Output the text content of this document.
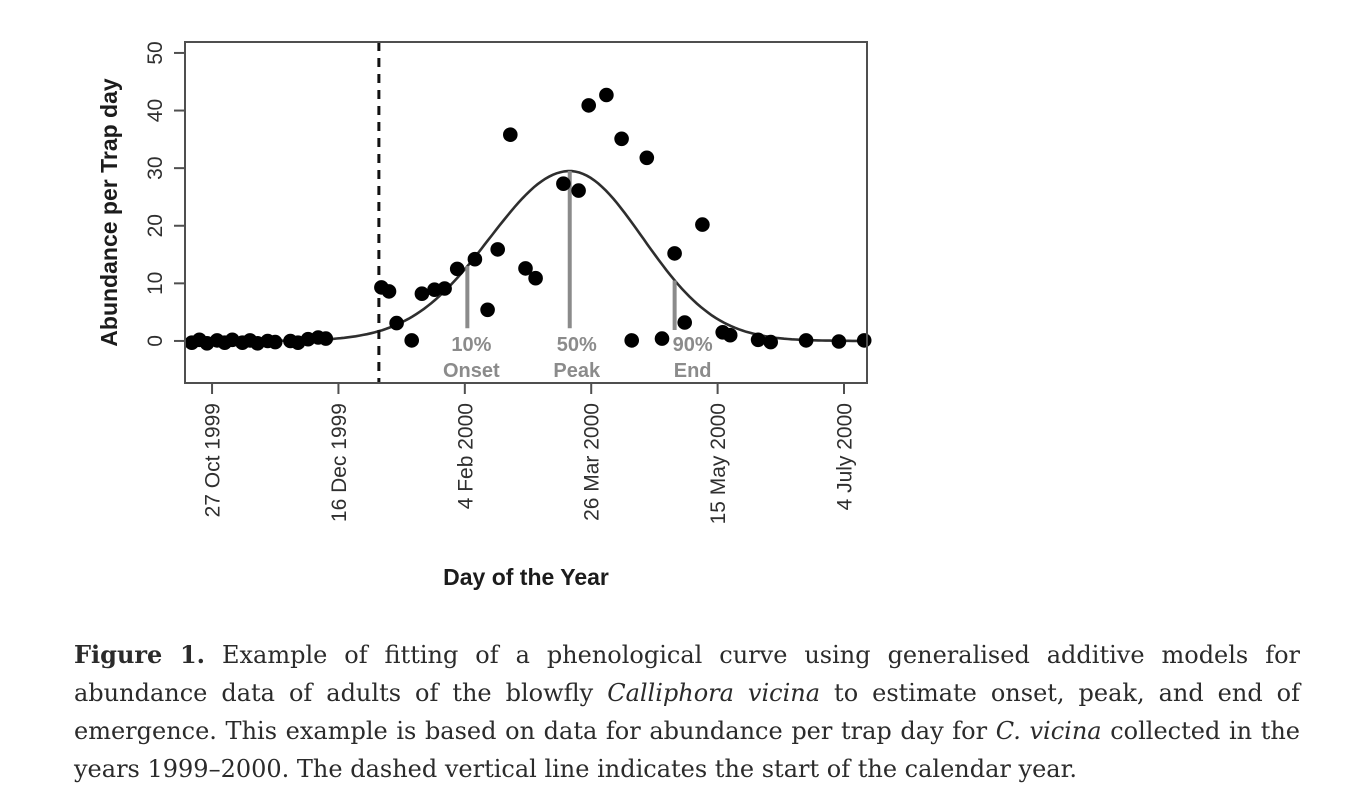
0
10
20
30
40
50
27 Oct 1999	16 Dec 1999	4 Feb 2000	26 Mar 2000	15 May 2000	4 July 2000
Abundance per Trap day
Day of the Year
10%
Onset
50%
Peak
90%
End

Figure 1. Example of fitting of a phenological curve using generalised additive models for abundance data of adults of the blowfly Calliphora vicina to estimate onset, peak, and end of emergence. This example is based on data for abundance per trap day for C. vicina collected in the years 1999–2000. The dashed vertical line indicates the start of the calendar year.
